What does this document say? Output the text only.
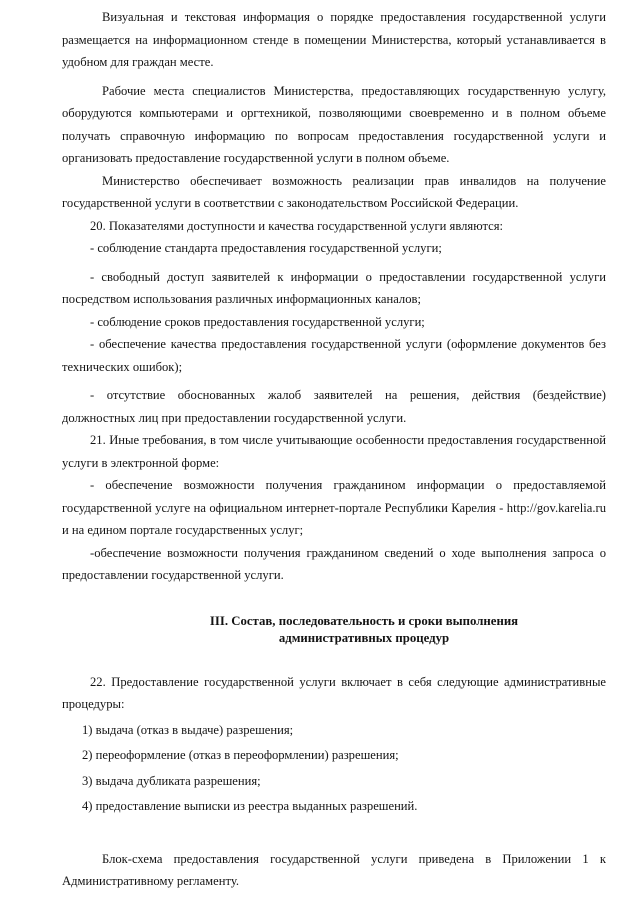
Визуальная и текстовая информация о порядке предоставления государственной услуги размещается на информационном стенде в помещении Министерства, который устанавливается в удобном для граждан месте.

Рабочие места специалистов Министерства, предоставляющих государственную услугу, оборудуются компьютерами и оргтехникой, позволяющими своевременно и в полном объеме получать справочную информацию по вопросам предоставления государственной услуги и организовать предоставление государственной услуги в полном объеме.

Министерство обеспечивает возможность реализации прав инвалидов на получение государственной услуги в соответствии с законодательством Российской Федерации.

20. Показателями доступности и качества государственной услуги являются:

- соблюдение стандарта предоставления государственной услуги;

- свободный доступ заявителей к информации о предоставлении государственной услуги посредством использования различных информационных каналов;

- соблюдение сроков предоставления государственной услуги;

- обеспечение качества предоставления государственной услуги (оформление документов без технических ошибок);

- отсутствие обоснованных жалоб заявителей на решения, действия (бездействие) должностных лиц при предоставлении государственной услуги.

21. Иные требования, в том числе учитывающие особенности предоставления государственной услуги в электронной форме:

- обеспечение возможности получения гражданином информации о предоставляемой государственной услуге на официальном интернет-портале Республики Карелия - http://gov.karelia.ru и на едином портале государственных услуг;

-обеспечение возможности получения гражданином сведений о ходе выполнения запроса о предоставлении государственной услуги.

III. Состав, последовательность и сроки выполнения
административных процедур

22. Предоставление государственной услуги включает в себя следующие административные процедуры:

1) выдача (отказ в выдаче) разрешения;

2) переоформление (отказ в переоформлении) разрешения;

3) выдача дубликата разрешения;

4) предоставление выписки из реестра выданных разрешений.

Блок-схема предоставления государственной услуги приведена в Приложении 1 к Административному регламенту.
